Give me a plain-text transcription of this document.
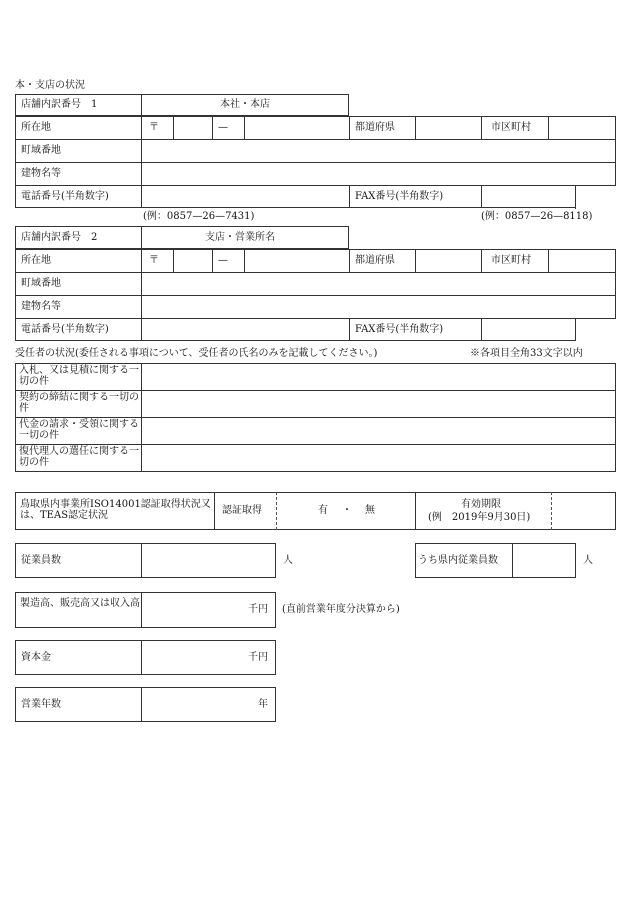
本・支店の状況
店舗内訳番号　1	本社・本店
所在地	〒	—	都道府県	市区町村
町域番地
建物名等
電話番号(半角数字)	FAX番号(半角数字)
(例：0857—26—7431)	(例：0857—26—8118)
店舗内訳番号　2	支店・営業所名
所在地	〒	—	都道府県	市区町村
町域番地
建物名等
電話番号(半角数字)	FAX番号(半角数字)
受任者の状況(委任される事項について、受任者の氏名のみを記載してください。)	※各項目全角33文字以内
入札、又は見積に関する一切の件
契約の締結に関する一切の件
代金の請求・受領に関する一切の件
復代理人の選任に関する一切の件
鳥取県内事業所ISO14001認証取得状況又は、TEAS認定状況	認証取得	有 ・ 無
有効期限
(例　2019年9月30日)
従業員数	人	うち県内従業員数	人
製造高、販売高又は収入高
千円 (直前営業年度分決算から)
資本金	千円
営業年数	年
